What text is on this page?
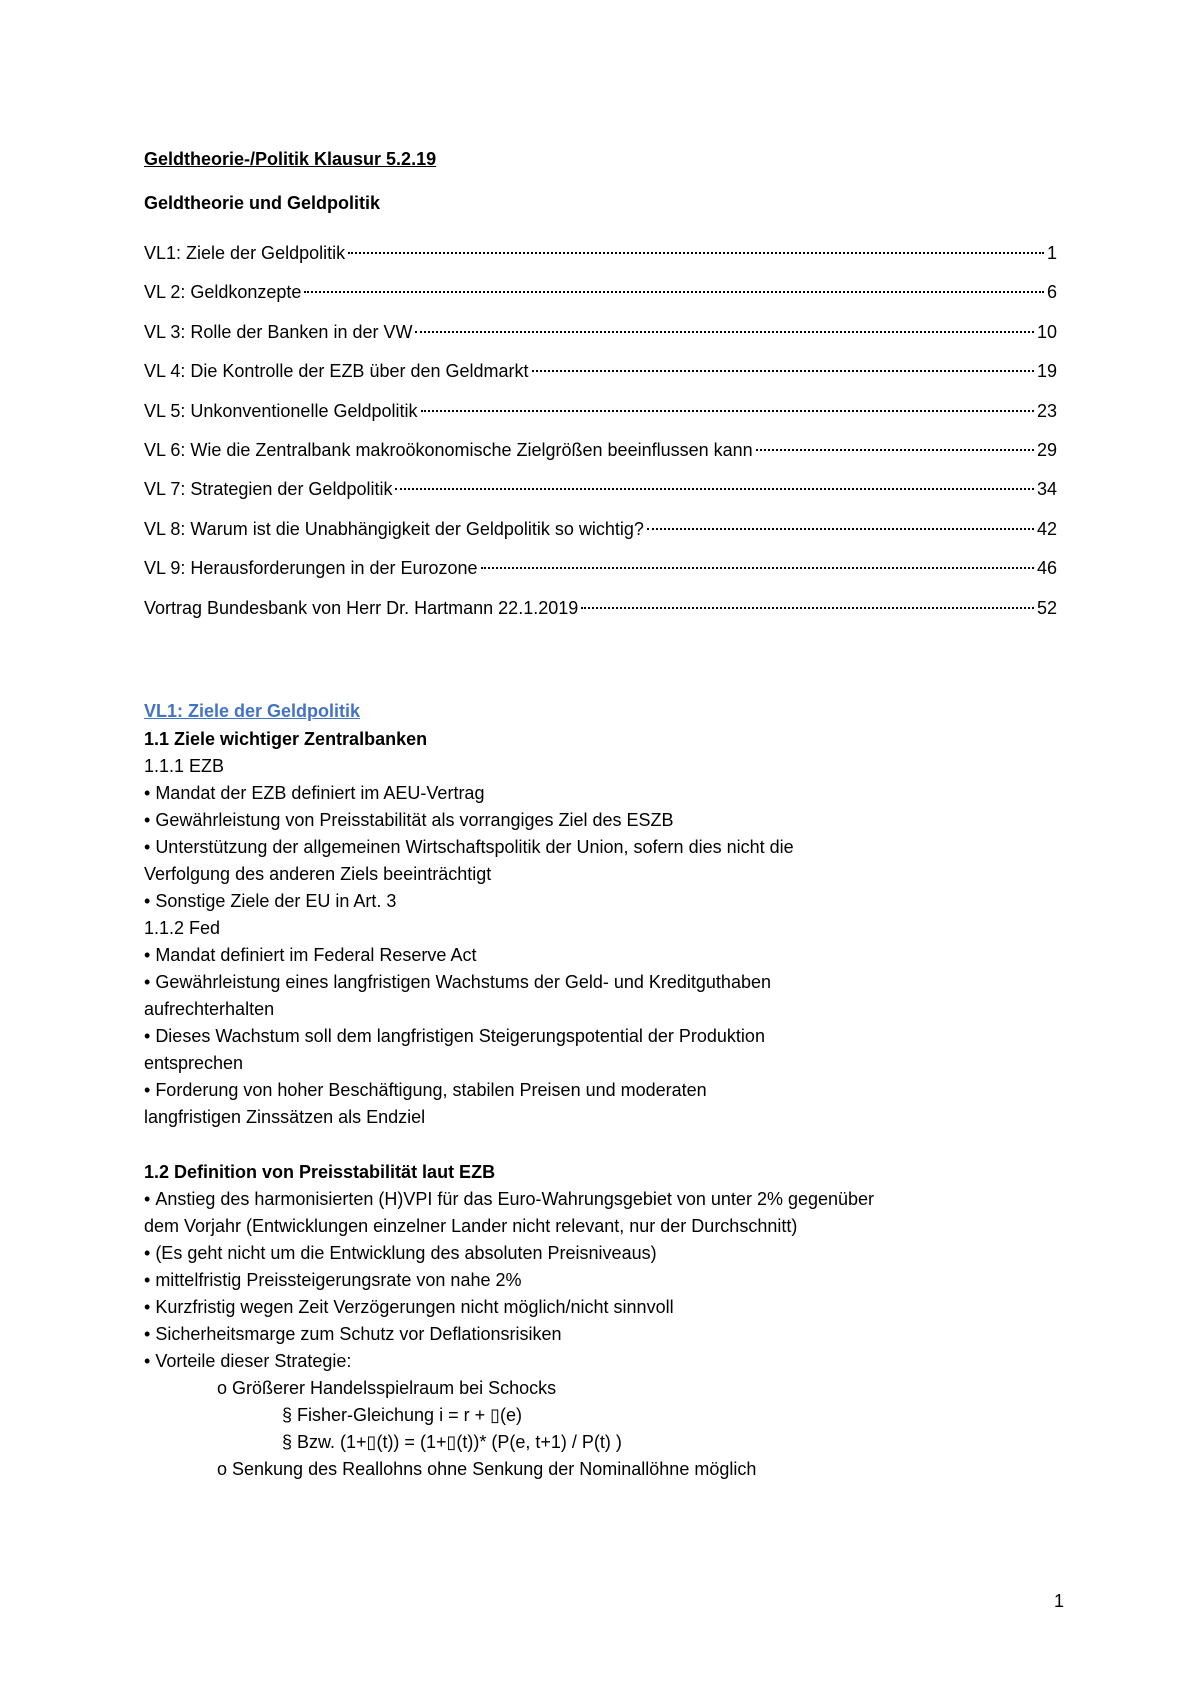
Geldtheorie-/Politik Klausur 5.2.19
Geldtheorie und Geldpolitik
VL1: Ziele der Geldpolitik	1
VL 2: Geldkonzepte	6
VL 3: Rolle der Banken in der VW	10
VL 4: Die Kontrolle der EZB über den Geldmarkt	19
VL 5: Unkonventionelle Geldpolitik	23
VL 6: Wie die Zentralbank makroökonomische Zielgrößen beeinflussen kann	29
VL 7: Strategien der Geldpolitik	34
VL 8: Warum ist die Unabhängigkeit der Geldpolitik so wichtig?	42
VL 9: Herausforderungen in der Eurozone	46
Vortrag Bundesbank von Herr Dr. Hartmann 22.1.2019	52
VL1: Ziele der Geldpolitik
1.1 Ziele wichtiger Zentralbanken
1.1.1 EZB
• Mandat der EZB definiert im AEU-Vertrag
• Gewährleistung von Preisstabilität als vorrangiges Ziel des ESZB
• Unterstützung der allgemeinen Wirtschaftspolitik der Union, sofern dies nicht die Verfolgung des anderen Ziels beeinträchtigt
• Sonstige Ziele der EU in Art. 3
1.1.2 Fed
• Mandat definiert im Federal Reserve Act
• Gewährleistung eines langfristigen Wachstums der Geld- und Kreditguthaben aufrechterhalten
• Dieses Wachstum soll dem langfristigen Steigerungspotential der Produktion entsprechen
• Forderung von hoher Beschäftigung, stabilen Preisen und moderaten langfristigen Zinssätzen als Endziel
1.2 Definition von Preisstabilität laut EZB
• Anstieg des harmonisierten (H)VPI für das Euro-Wahrungsgebiet von unter 2% gegenüber dem Vorjahr (Entwicklungen einzelner Lander nicht relevant, nur der Durchschnitt)
• (Es geht nicht um die Entwicklung des absoluten Preisniveaus)
• mittelfristig Preissteigerungsrate von nahe 2%
• Kurzfristig wegen Zeit Verzögerungen nicht möglich/nicht sinnvoll
• Sicherheitsmarge zum Schutz vor Deflationsrisiken
• Vorteile dieser Strategie:
o Größerer Handelsspielraum bei Schocks
§ Fisher-Gleichung i = r + ▯(e)
§ Bzw. (1+▯(t)) = (1+▯(t))* (P(e, t+1) / P(t) )
o Senkung des Reallohns ohne Senkung der Nominallöhne möglich
1
